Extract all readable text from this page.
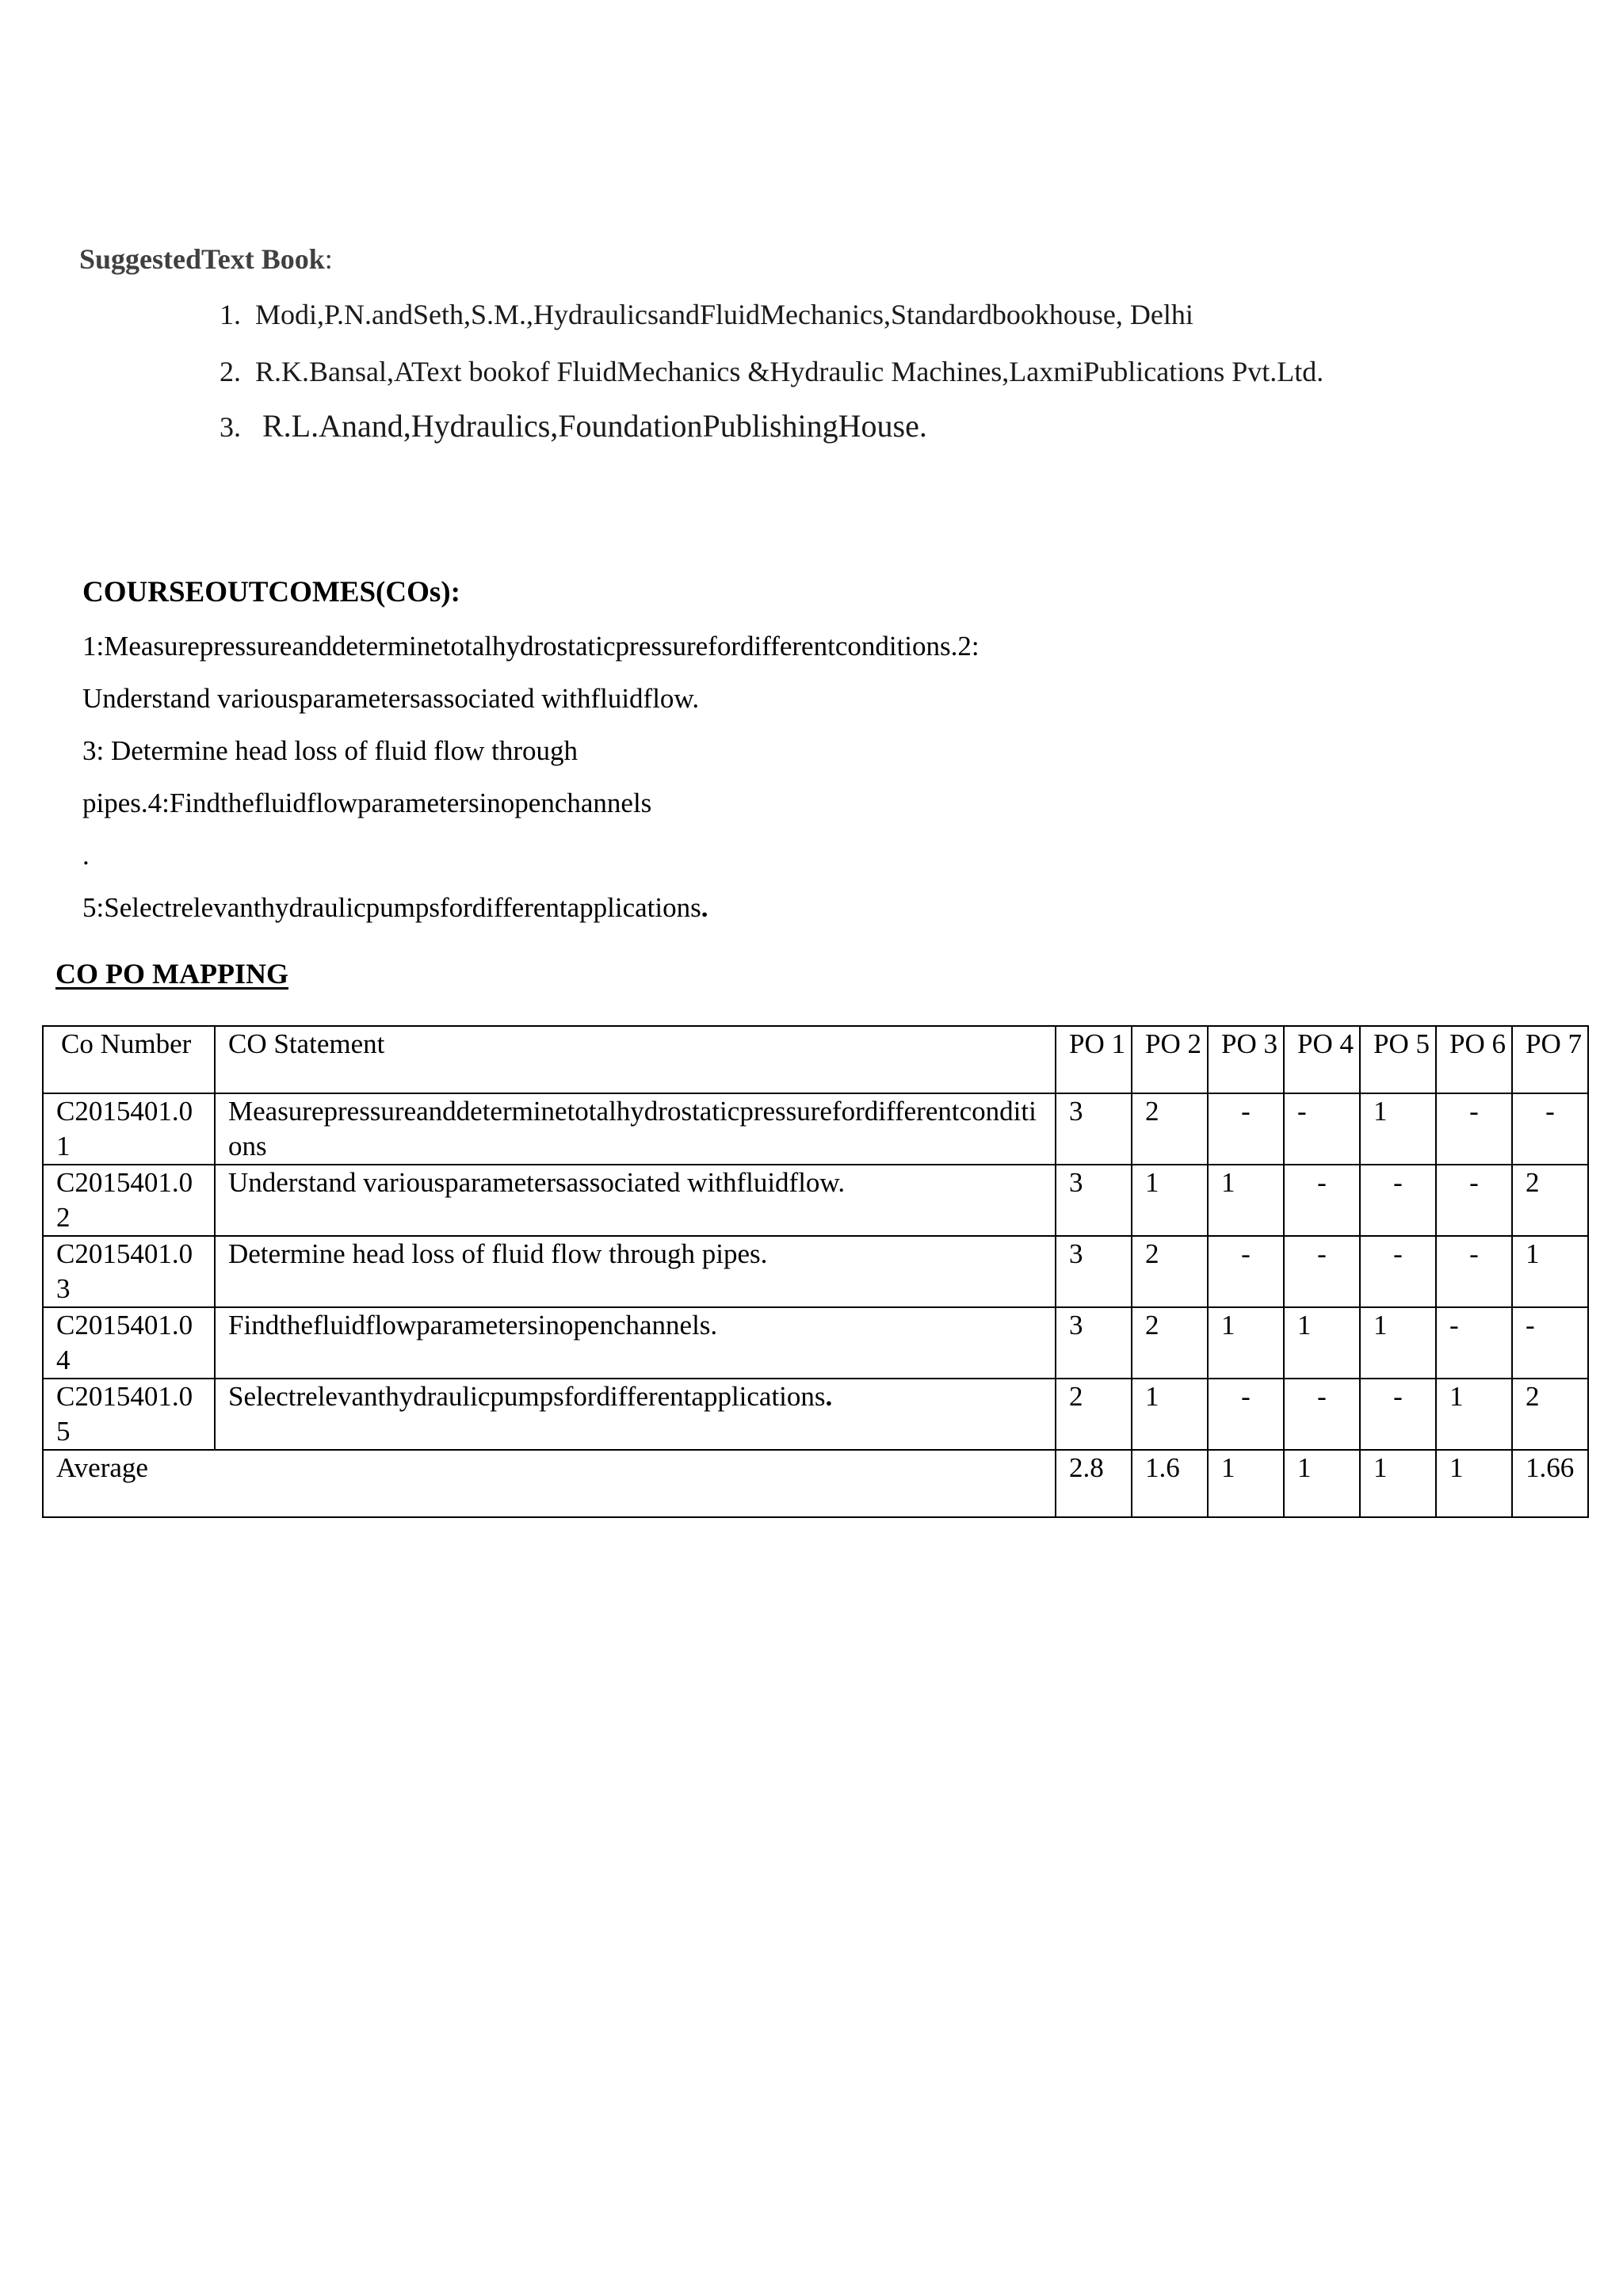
SuggestedText Book:
1. Modi,P.N.andSeth,S.M.,HydraulicsandFluidMechanics,Standardbookhouse, Delhi
2. R.K.Bansal,AText bookof FluidMechanics &Hydraulic Machines,LaxmiPublications Pvt.Ltd.
3. R.L.Anand,Hydraulics,FoundationPublishingHouse.
COURSEOUTCOMES(COs):
1:Measurepressureanddeterminetotalhydrostaticpressurefordifferentconditions.2:
Understand variousparametersassociated withfluidflow.
3: Determine head loss of fluid flow through
pipes.4:Findthefluidflowparametersinopenchannels
.
5:Selectrelevanthydraulicpumpsfordifferentapplications.
CO PO MAPPING
Co Number	CO Statement	PO 1	PO 2	PO 3	PO 4	PO 5	PO 6	PO 7
C2015401.01	Measurepressureanddeterminetotalhydrostaticpressurefordifferentconditions	3	2	-	-	1	-	-
C2015401.02	Understand variousparametersassociated withfluidflow.	3	1	1	-	-	-	2
C2015401.03	Determine head loss of fluid flow through pipes.	3	2	-	-	-	-	1
C2015401.04	Findthefluidflowparametersinopenchannels.	3	2	1	1	1	-	-
C2015401.05	Selectrelevanthydraulicpumpsfordifferentapplications.	2	1	-	-	-	1	2
Average		2.8	1.6	1	1	1	1	1.66
